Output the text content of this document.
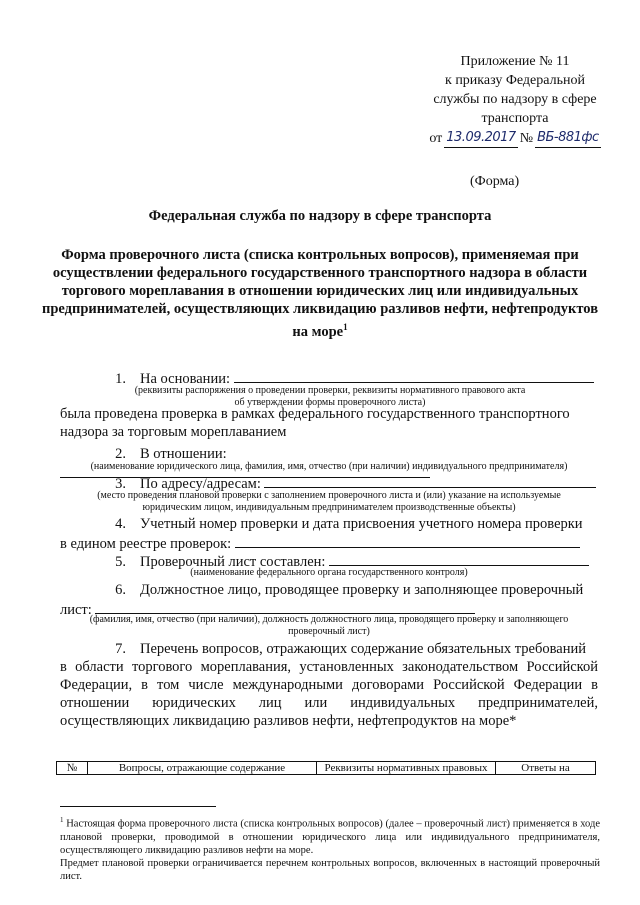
Приложение № 11
к приказу Федеральной
службы по надзору в сфере
транспорта
от 13.09.2017 № ВБ-881фс
(Форма)
Федеральная служба по надзору в сфере транспорта
Форма проверочного листа (списка контрольных вопросов), применяемая при осуществлении федерального государственного транспортного надзора в области торгового мореплавания в отношении юридических лиц или индивидуальных предпринимателей, осуществляющих ликвидацию разливов нефти, нефтепродуктов на море$^1$
1. На основании:
(реквизиты распоряжения о проведении проверки, реквизиты нормативного правового акта
об утверждении формы проверочного листа)
была проведена проверка в рамках федерального государственного транспортного надзора за торговым мореплаванием
2. В отношении:
(наименование юридического лица, фамилия, имя, отчество (при наличии) индивидуального предпринимателя)
3. По адресу/адресам:
(место проведения плановой проверки с заполнением проверочного листа и (или) указание на используемые
юридическим лицом, индивидуальным предпринимателем производственные объекты)
4. Учетный номер проверки и дата присвоения учетного номера проверки
в едином реестре проверок:
5. Проверочный лист составлен:
(наименование федерального органа государственного контроля)
6. Должностное лицо, проводящее проверку и заполняющее проверочный
лист:
(фамилия, имя, отчество (при наличии), должность должностного лица, проводящего проверку и заполняющего
проверочный лист)
7. Перечень вопросов, отражающих содержание обязательных требований
в области торгового мореплавания, установленных законодательством Российской
Федерации, в том числе международными договорами Российской Федерации в
отношении юридических лиц или индивидуальных предпринимателей,
осуществляющих ликвидацию разливов нефти, нефтепродуктов на море*
№	Вопросы, отражающие содержание	Реквизиты нормативных правовых	Ответы на
$^1$ Настоящая форма проверочного листа (списка контрольных вопросов) (далее – проверочный лист) применяется в ходе плановой проверки, проводимой в отношении юридического лица или индивидуального предпринимателя, осуществляющего ликвидацию разливов нефти на море.
Предмет плановой проверки ограничивается перечнем контрольных вопросов, включенных в настоящий проверочный лист.
